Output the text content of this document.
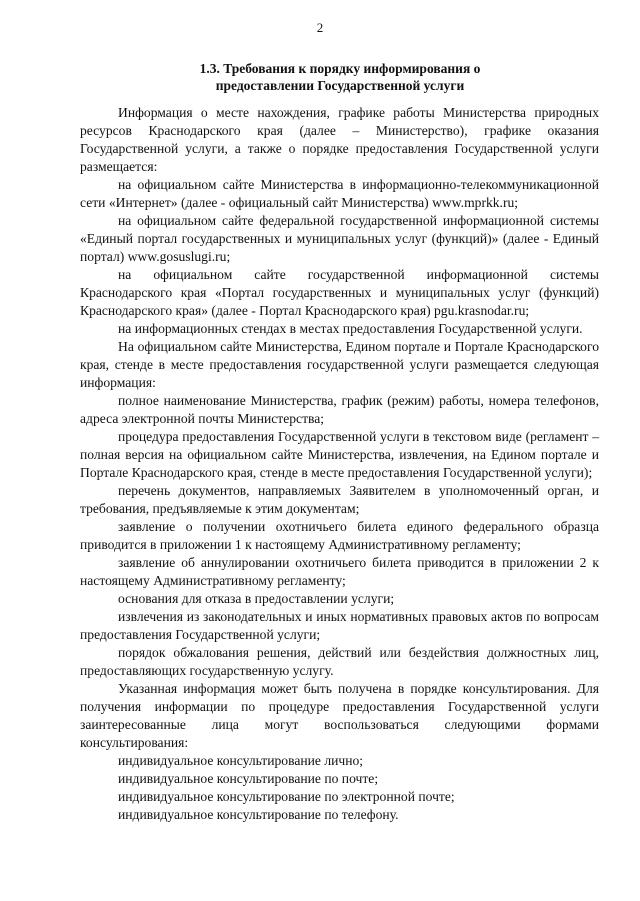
2
1.3. Требования к порядку информирования о
предоставлении Государственной услуги

Информация о месте нахождения, графике работы Министерства природных ресурсов Краснодарского края (далее – Министерство), графике оказания Государственной услуги, а также о порядке предоставления Государственной услуги размещается:

на официальном сайте Министерства в информационно-телекоммуникационной сети «Интернет» (далее - официальный сайт Министерства) www.mprkk.ru;

на официальном сайте федеральной государственной информационной системы «Единый портал государственных и муниципальных услуг (функций)» (далее - Единый портал) www.gosuslugi.ru;

на официальном сайте государственной информационной системы Краснодарского края «Портал государственных и муниципальных услуг (функций) Краснодарского края» (далее - Портал Краснодарского края) pgu.krasnodar.ru;

на информационных стендах в местах предоставления Государственной услуги.

На официальном сайте Министерства, Едином портале и Портале Краснодарского края, стенде в месте предоставления государственной услуги размещается следующая информация:

полное наименование Министерства, график (режим) работы, номера телефонов, адреса электронной почты Министерства;

процедура предоставления Государственной услуги в текстовом виде (регламент – полная версия на официальном сайте Министерства, извлечения, на Едином портале и Портале Краснодарского края, стенде в месте предоставления Государственной услуги);

перечень документов, направляемых Заявителем в уполномоченный орган, и требования, предъявляемые к этим документам;

заявление о получении охотничьего билета единого федерального образца приводится в приложении 1 к настоящему Административному регламенту;

заявление об аннулировании охотничьего билета приводится в приложении 2 к настоящему Административному регламенту;

основания для отказа в предоставлении услуги;

извлечения из законодательных и иных нормативных правовых актов по вопросам предоставления Государственной услуги;

порядок обжалования решения, действий или бездействия должностных лиц, предоставляющих государственную услугу.

Указанная информация может быть получена в порядке консультирования. Для получения информации по процедуре предоставления Государственной услуги заинтересованные лица могут воспользоваться следующими формами консультирования:

индивидуальное консультирование лично;

индивидуальное консультирование по почте;

индивидуальное консультирование по электронной почте;

индивидуальное консультирование по телефону.
